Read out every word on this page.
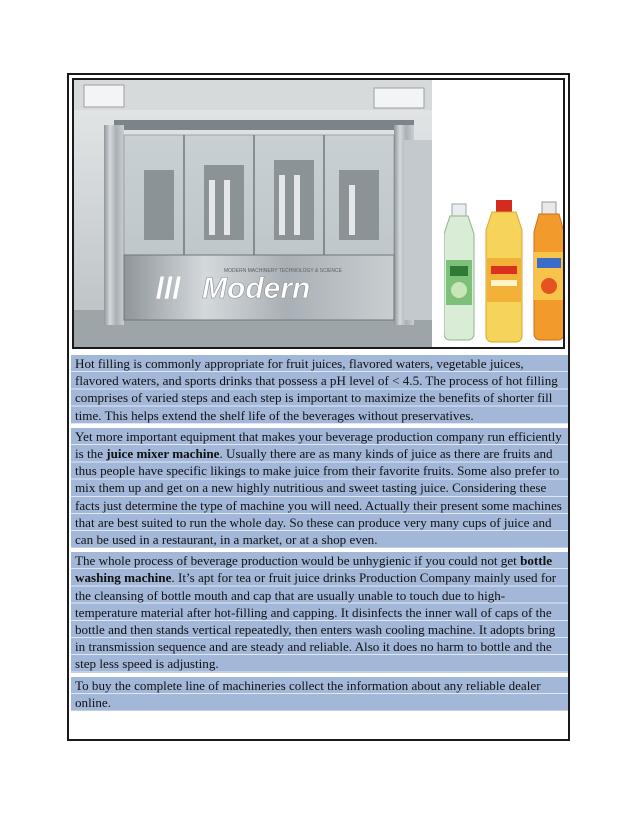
Modern
///
MODERN MACHINERY TECHNOLOGY & SCIENCE

Hot filling is commonly appropriate for fruit juices, flavored waters, vegetable juices, flavored waters, and sports drinks that possess a pH level of < 4.5. The process of hot filling comprises of varied steps and each step is important to maximize the benefits of shorter fill time. This helps extend the shelf life of the beverages without preservatives.

Yet more important equipment that makes your beverage production company run efficiently is the juice mixer machine. Usually there are as many kinds of juice as there are fruits and thus people have specific likings to make juice from their favorite fruits. Some also prefer to mix them up and get on a new highly nutritious and sweet tasting juice. Considering these facts just determine the type of machine you will need. Actually their present some machines that are best suited to run the whole day. So these can produce very many cups of juice and can be used in a restaurant, in a market, or at a shop even.

The whole process of beverage production would be unhygienic if you could not get bottle washing machine. It’s apt for tea or fruit juice drinks Production Company mainly used for the cleansing of bottle mouth and cap that are usually unable to touch due to high-temperature material after hot-filling and capping. It disinfects the inner wall of caps of the bottle and then stands vertical repeatedly, then enters wash cooling machine. It adopts bring in transmission sequence and are steady and reliable. Also it does no harm to bottle and the step less speed is adjusting.

To buy the complete line of machineries collect the information about any reliable dealer online.
